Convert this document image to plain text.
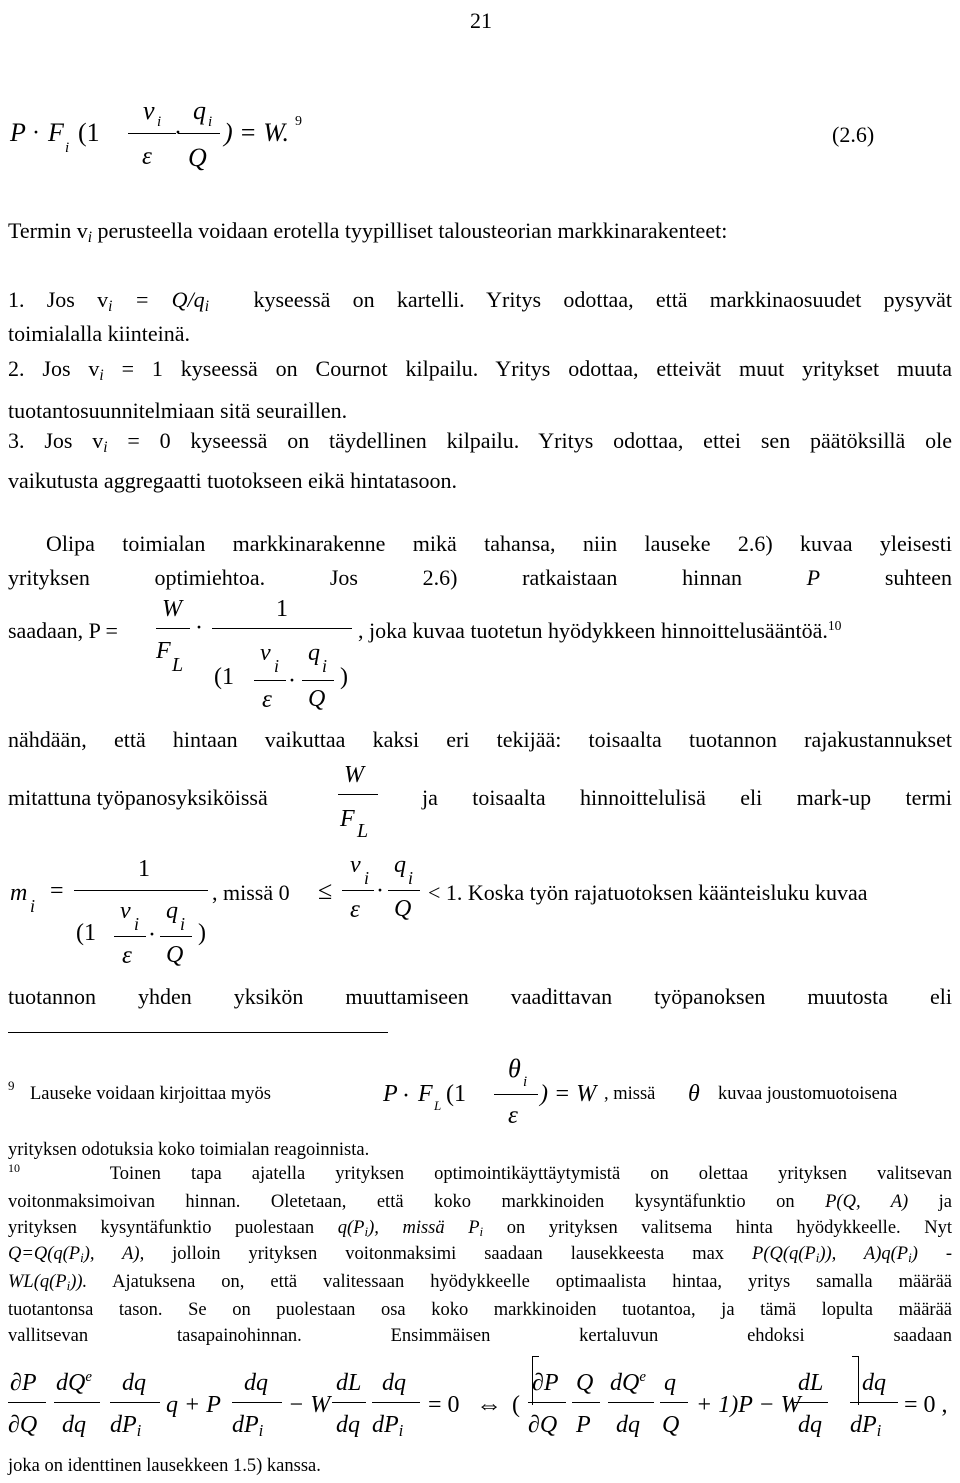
21
P · F
i
(1
v i q i
·
ε Q
) = W. 9
(2.6)
Termin $v_i$ perusteella voidaan erotella tyypilliset talousteorian markkinarakenteet:
1. Jos $v_i = Q/q_i$ kyseessä on kartelli. Yritys odottaa, että markkinaosuudet pysyvät
toimialalla kiinteinä.
2. Jos $v_i = 1$ kyseessä on Cournot kilpailu. Yritys odottaa, etteivät muut yritykset muuta
tuotantosuunnitelmiaan sitä seuraillen.
3. Jos $v_i = 0$ kyseessä on täydellinen kilpailu. Yritys odottaa, ettei sen päätöksillä ole
vaikutusta aggregaatti tuotokseen eikä hintatasoon.
Olipa toimialan markkinarakenne mikä tahansa, niin lauseke 2.6) kuvaa yleisesti
yrityksen optimiehtoa. Jos 2.6) ratkaistaan hinnan	P	suhteen
saadaan, P =
W
F
L
·
1
(1
v i
ε
·
q i
Q
)
, joka kuvaa tuotetun hyödykkeen hinnoittelusääntöä.$^{10}$
nähdään, että hintaan vaikuttaa kaksi eri tekijää: toisaalta tuotannon rajakustannukset
mitattuna työpanosyksiköissä
W
F L
ja toisaalta hinnoittelulisä eli mark-up termi
m i
=
1
(1
v i
ε
·
q i
Q
)
, missä 0 ≤
v i
ε
·
q i
Q
< 1. Koska työn rajatuotoksen käänteisluku kuvaa
tuotannon yhden yksikön muuttamiseen vaadittavan työpanoksen muutosta eli
9 Lauseke voidaan kirjoittaa myös	P · F L (1
θ i
ε
) = W , missä θ kuvaa joustomuotoisena
yrityksen odotuksia koko toimialan reagoinnista.
$^{10}$	Toinen tapa ajatella yrityksen optimointikäyttäytymistä on olettaa yrityksen valitsevan
voitonmaksimoivan hinnan. Oletetaan, että koko markkinoiden kysyntäfunktio on P(Q, A) ja
yrityksen kysyntäfunktio puolestaan $q(P_i)$, missä $P_i$ on yrityksen valitsema hinta hyödykkeelle. Nyt
$Q=Q(q(P_i)$, A), jolloin yrityksen voitonmaksimi saadaan lausekkeesta $\max P(Q(q(P_i))$, $A)q(P_i)$ -
$WL(q(P_i))$. Ajatuksena on, että valitessaan hyödykkeelle optimaalista hintaa, yritys samalla määrää
tuotantonsa tason. Se on puolestaan osa koko markkinoiden tuotantoa, ja tämä lopulta määrää
vallitsevan tasapainohinnan. Ensimmäisen kertaluvun ehdoksi saadaan
∂P
∂Q
$dQ^e$
dq
dq
$dP_i$
q + P
dq
$dP_i$
− W
dL
dq
dq
$dP_i$
= 0 ⇔ (
∂P
∂Q
Q
P
$dQ^e$
dq
q
Q
+ 1)P − W
dL
dq
dq
$dP_i$
= 0 ,
joka on identtinen lausekkeen 1.5) kanssa.
